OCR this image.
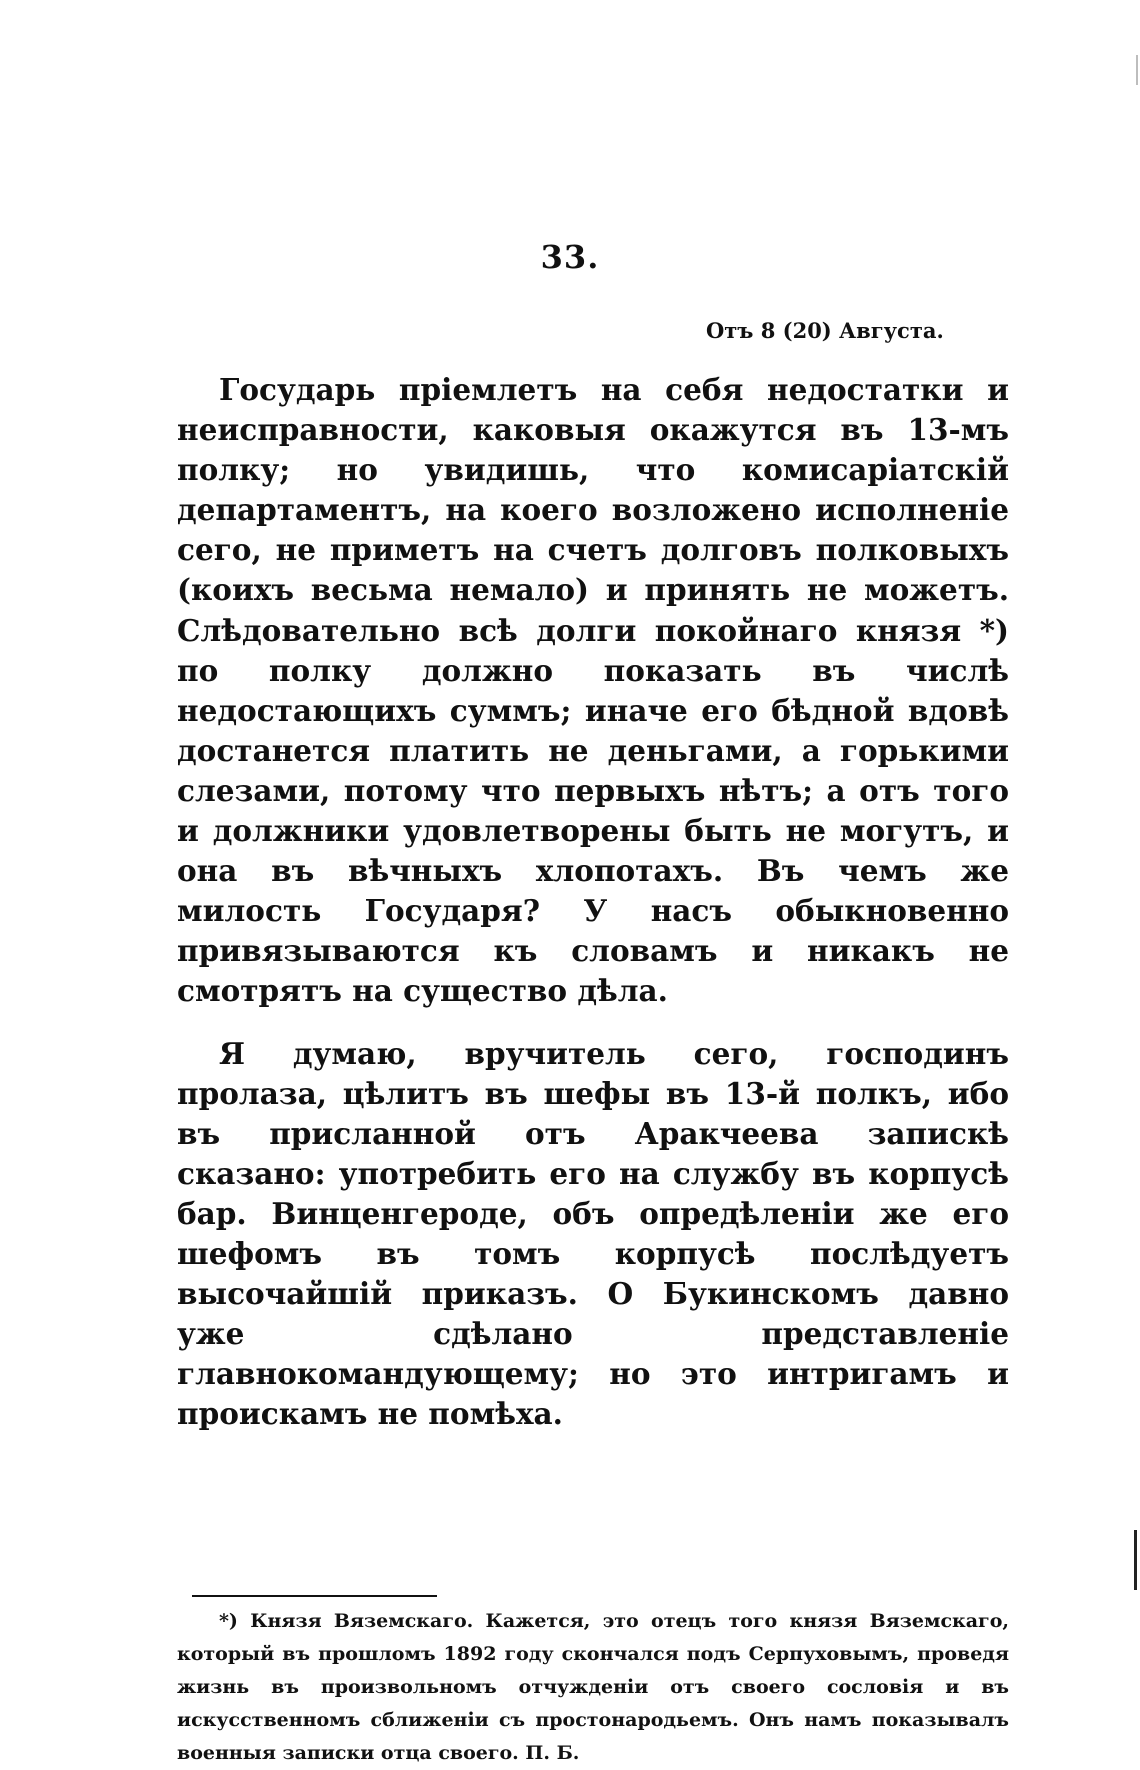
33.
Отъ 8 (20) Августа.

Государь пріемлетъ на себя недостатки и неисправности, каковыя окажутся въ 13-мъ полку; но увидишь, что комисаріатскій департаментъ, на коего возложено исполненіе сего, не приметъ на счетъ долговъ полковыхъ (коихъ весьма немало) и принять не можетъ. Слѣдовательно всѣ долги покойнаго князя *) по полку должно показать въ числѣ недостающихъ суммъ; иначе его бѣдной вдовѣ достанется платить не деньгами, а горькими слезами, потому что первыхъ нѣтъ; а отъ того и должники удовлетворены быть не могутъ, и она въ вѣчныхъ хлопотахъ. Въ чемъ же милость Государя? У насъ обыкновенно привязываются къ словамъ и никакъ не смотрятъ на существо дѣла.

Я думаю, вручитель сего, господинъ пролаза, цѣлитъ въ шефы въ 13-й полкъ, ибо въ присланной отъ Аракчеева запискѣ сказано: употребить его на службу въ корпусѣ бар. Винценгероде, объ опредѣленіи же его шефомъ въ томъ корпусѣ послѣдуетъ высочайшій приказъ. О Букинскомъ давно уже сдѣлано представленіе главнокомандующему; но это интригамъ и проискамъ не помѣха.

*) Князя Вяземскаго. Кажется, это отецъ того князя Вяземскаго, который въ прошломъ 1892 году скончался подъ Серпуховымъ, проведя жизнь въ произвольномъ отчужденіи отъ своего сословія и въ искусственномъ сближеніи съ простонародьемъ. Онъ намъ показывалъ военныя записки отца своего. П. Б.
